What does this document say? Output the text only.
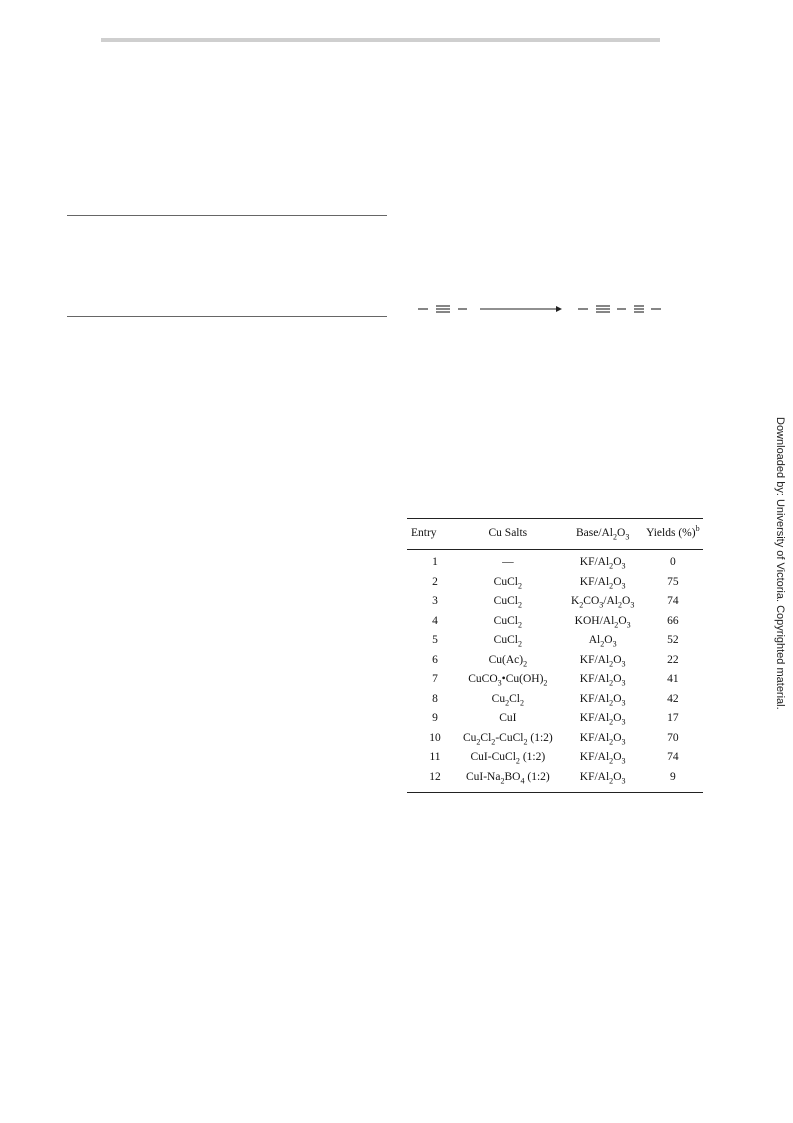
Downloaded by: University of Victoria. Copyrighted material.
Entry	Cu Salts	Base/$Al_2O_3$	Yields (%)$^b$
1	—	$KF/Al_2O_3$	0
2	CuCl$_2$	$KF/Al_2O_3$	75
3	CuCl$_2$	$K_2CO_3/Al_2O_3$	74
4	CuCl$_2$	KOH/$Al_2O_3$	66
5	CuCl$_2$	$Al_2O_3$	52
6	$Cu(Ac)_2$	$KF/Al_2O_3$	22
7	$CuCO_3•Cu(OH)_2$	$KF/Al_2O_3$	41
8	$Cu_2Cl_2$	$KF/Al_2O_3$	42
9	CuI	$KF/Al_2O_3$	17
10	$Cu_2Cl_2-CuCl_2$ (1:2)	$KF/Al_2O_3$	70
11	CuI-CuCl$_2$ (1:2)	$KF/Al_2O_3$	74
12	CuI-$Na_2BO_4$ (1:2)	$KF/Al_2O_3$	9
